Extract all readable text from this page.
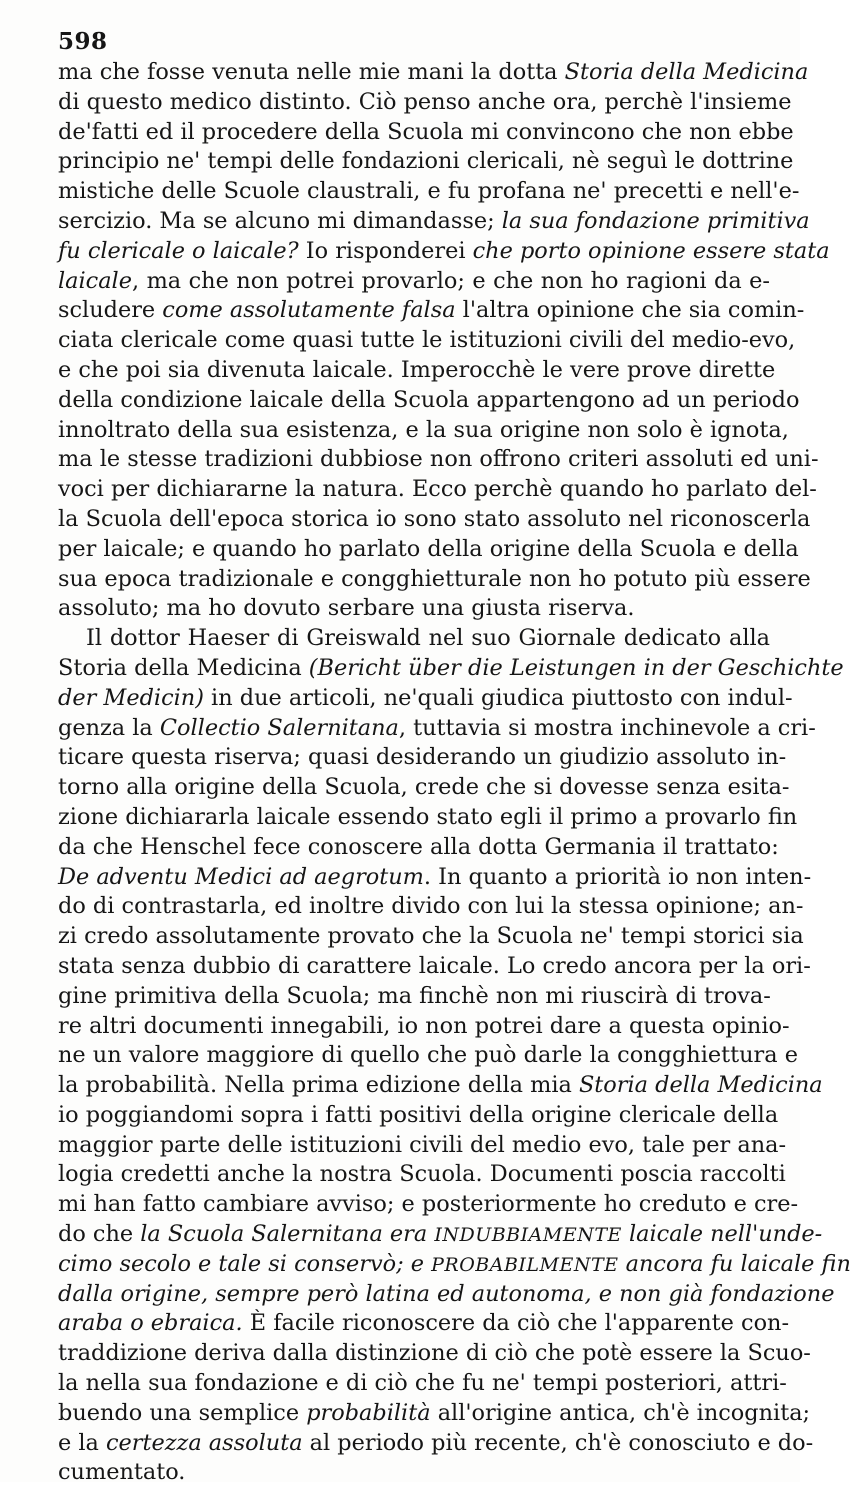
598
ma che fosse venuta nelle mie mani la dotta Storia della Medicina
di questo medico distinto. Ciò penso anche ora, perchè l'insieme
de'fatti ed il procedere della Scuola mi convincono che non ebbe
principio ne' tempi delle fondazioni clericali, nè seguì le dottrine
mistiche delle Scuole claustrali, e fu profana ne' precetti e nell'e-
sercizio. Ma se alcuno mi dimandasse; la sua fondazione primitiva
fu clericale o laicale? Io risponderei che porto opinione essere stata
laicale, ma che non potrei provarlo; e che non ho ragioni da e-
scludere come assolutamente falsa l'altra opinione che sia comin-
ciata clericale come quasi tutte le istituzioni civili del medio-evo,
e che poi sia divenuta laicale. Imperocchè le vere prove dirette
della condizione laicale della Scuola appartengono ad un periodo
innoltrato della sua esistenza, e la sua origine non solo è ignota,
ma le stesse tradizioni dubbiose non offrono criteri assoluti ed uni-
voci per dichiararne la natura. Ecco perchè quando ho parlato del-
la Scuola dell'epoca storica io sono stato assoluto nel riconoscerla
per laicale; e quando ho parlato della origine della Scuola e della
sua epoca tradizionale e congghietturale non ho potuto più essere
assoluto; ma ho dovuto serbare una giusta riserva.
Il dottor Haeser di Greiswald nel suo Giornale dedicato alla
Storia della Medicina (Bericht über die Leistungen in der Geschichte
der Medicin) in due articoli, ne'quali giudica piuttosto con indul-
genza la Collectio Salernitana, tuttavia si mostra inchinevole a cri-
ticare questa riserva; quasi desiderando un giudizio assoluto in-
torno alla origine della Scuola, crede che si dovesse senza esita-
zione dichiararla laicale essendo stato egli il primo a provarlo fin
da che Henschel fece conoscere alla dotta Germania il trattato:
De adventu Medici ad aegrotum. In quanto a priorità io non inten-
do di contrastarla, ed inoltre divido con lui la stessa opinione; an-
zi credo assolutamente provato che la Scuola ne' tempi storici sia
stata senza dubbio di carattere laicale. Lo credo ancora per la ori-
gine primitiva della Scuola; ma finchè non mi riuscirà di trova-
re altri documenti innegabili, io non potrei dare a questa opinio-
ne un valore maggiore di quello che può darle la congghiettura e
la probabilità. Nella prima edizione della mia Storia della Medicina
io poggiandomi sopra i fatti positivi della origine clericale della
maggior parte delle istituzioni civili del medio evo, tale per ana-
logia credetti anche la nostra Scuola. Documenti poscia raccolti
mi han fatto cambiare avviso; e posteriormente ho creduto e cre-
do che la Scuola Salernitana era INDUBBIAMENTE laicale nell'unde-
cimo secolo e tale si conservò; e PROBABILMENTE ancora fu laicale fin
dalla origine, sempre però latina ed autonoma, e non già fondazione
araba o ebraica. È facile riconoscere da ciò che l'apparente con-
traddizione deriva dalla distinzione di ciò che potè essere la Scuo-
la nella sua fondazione e di ciò che fu ne' tempi posteriori, attri-
buendo una semplice probabilità all'origine antica, ch'è incognita;
e la certezza assoluta al periodo più recente, ch'è conosciuto e do-
cumentato.
